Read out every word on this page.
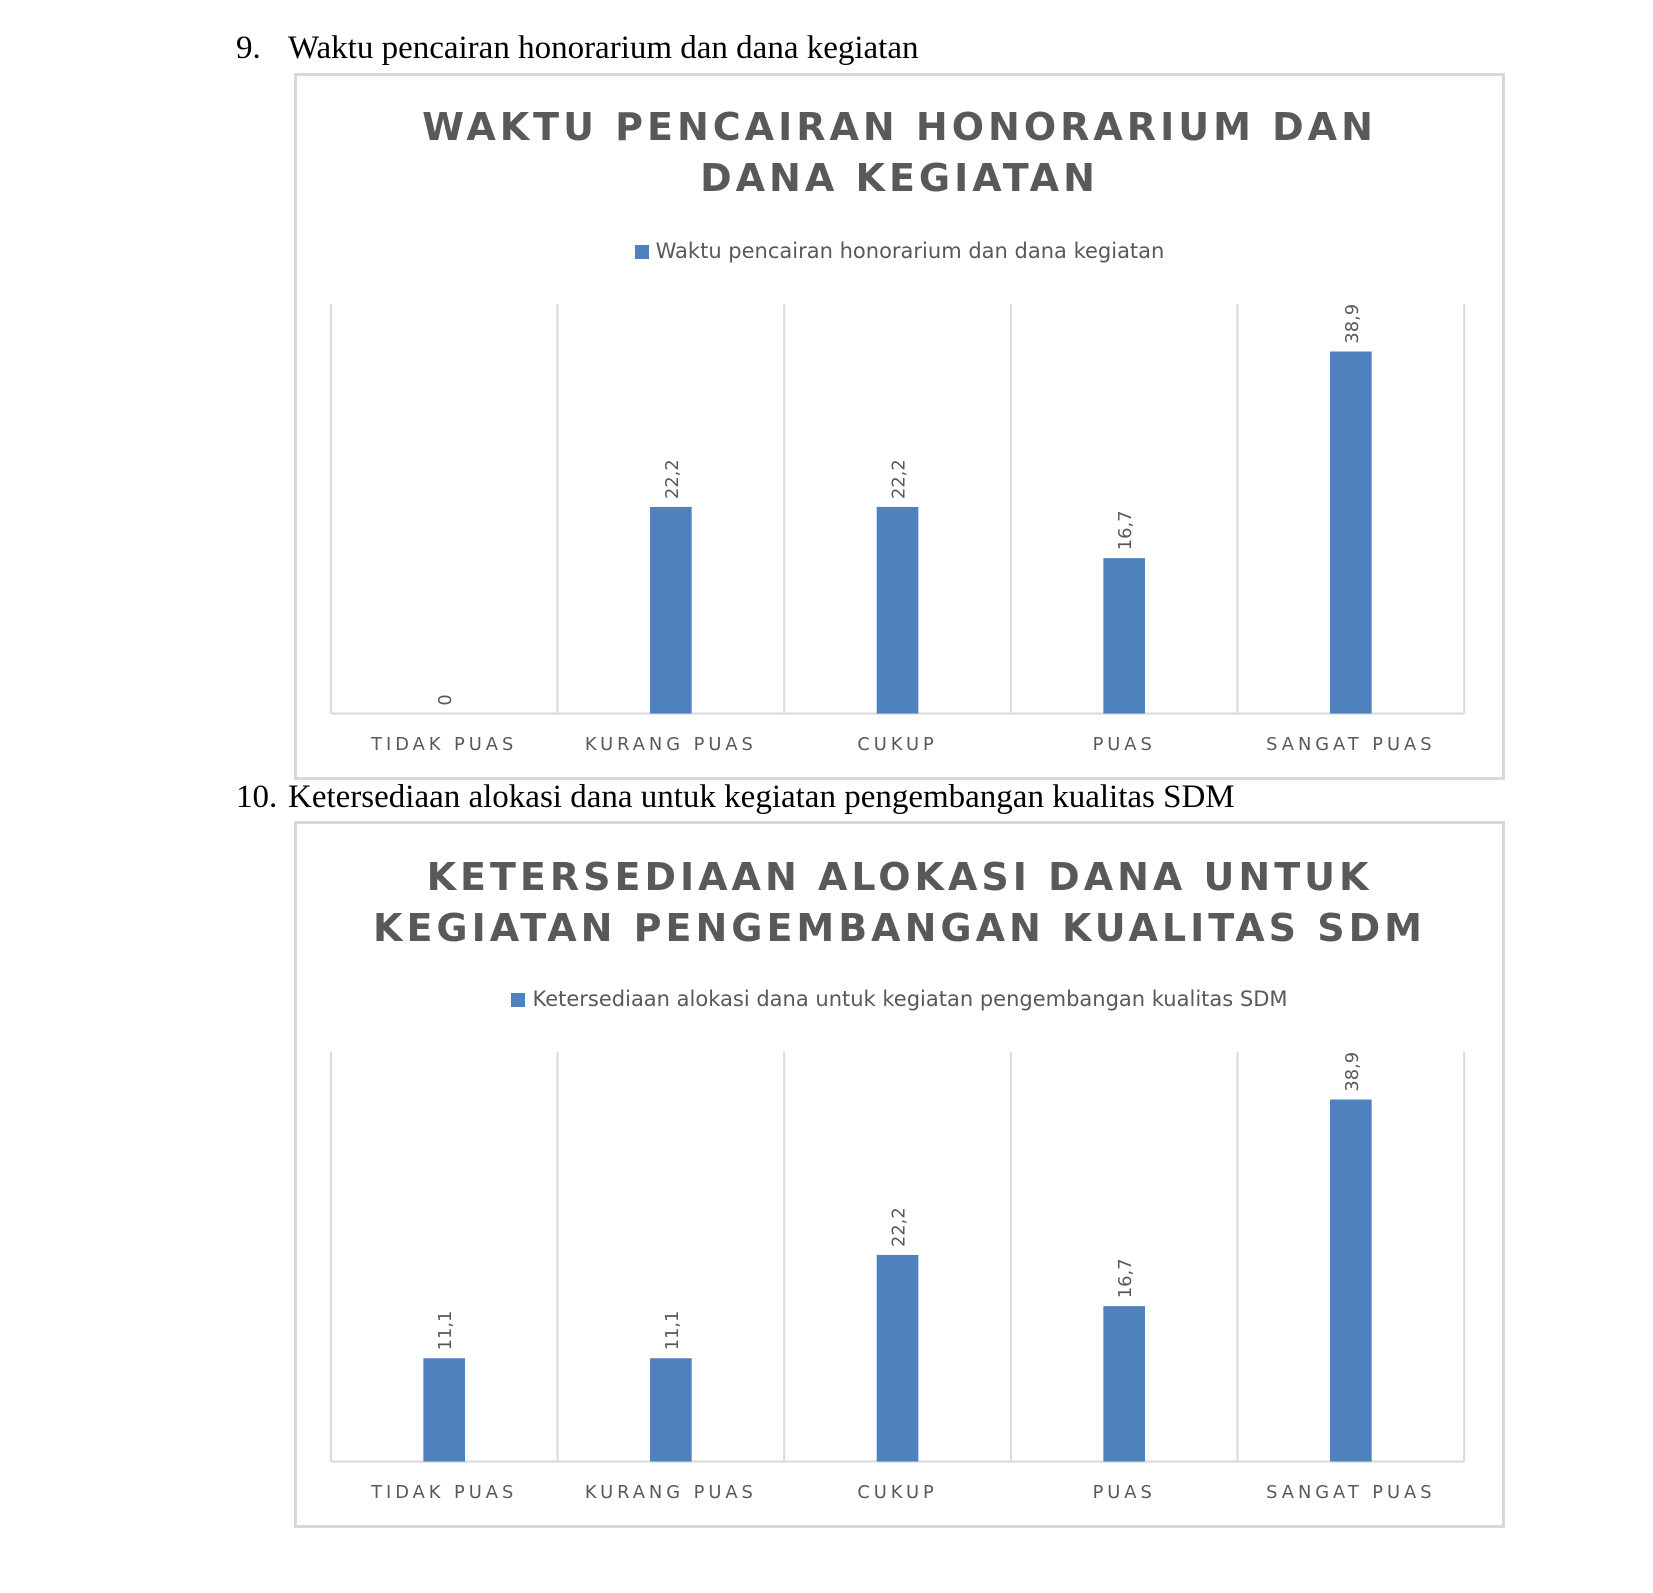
9. Waktu pencairan honorarium dan dana kegiatan
WAKTU PENCAIRAN HONORARIUM DAN
DANA KEGIATAN
Waktu pencairan honorarium dan dana kegiatan
0
TIDAK PUAS
22,2
KURANG PUAS
22,2
CUKUP
16,7
PUAS
38,9
SANGAT PUAS
10. Ketersediaan alokasi dana untuk kegiatan pengembangan kualitas SDM
KETERSEDIAAN ALOKASI DANA UNTUK
KEGIATAN PENGEMBANGAN KUALITAS SDM
Ketersediaan alokasi dana untuk kegiatan pengembangan kualitas SDM
11,1
TIDAK PUAS
11,1
KURANG PUAS
22,2
CUKUP
16,7
PUAS
38,9
SANGAT PUAS
